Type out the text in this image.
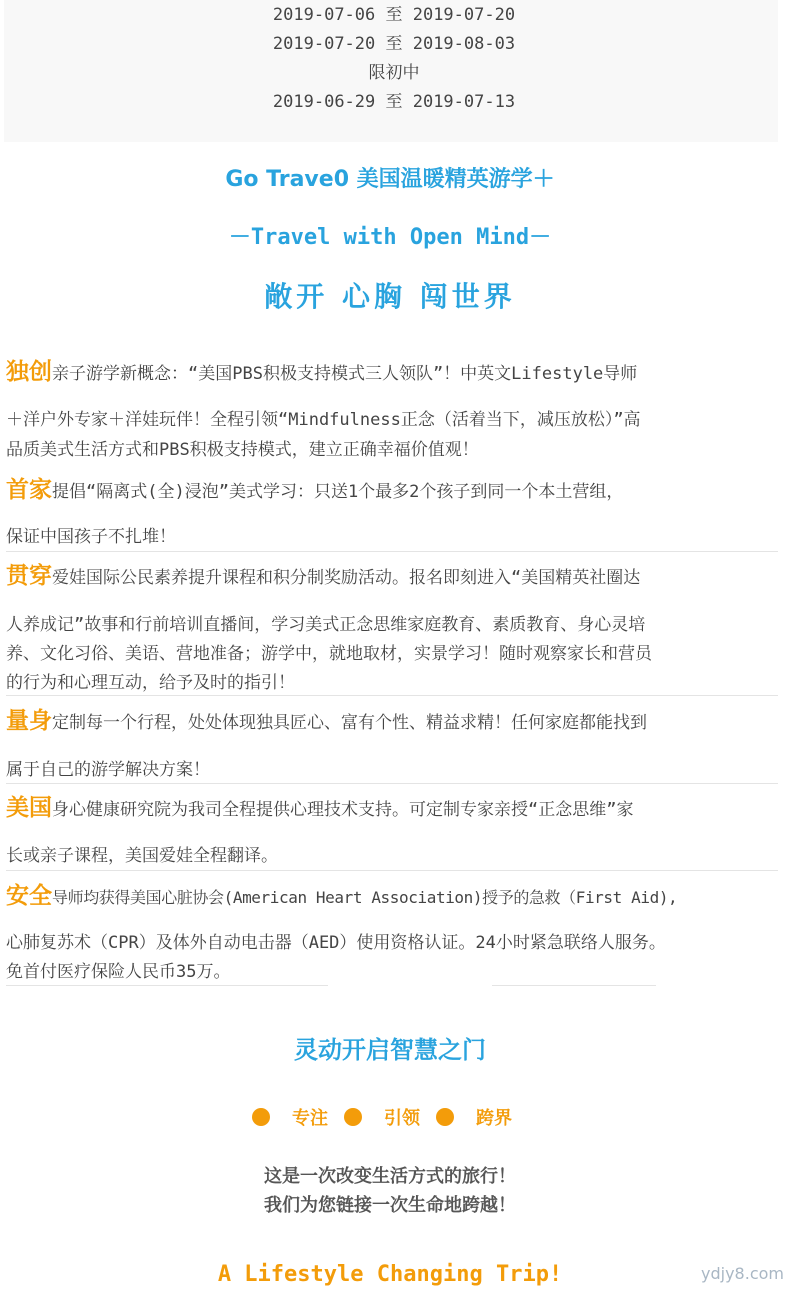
2019-07-06 至 2019-07-20
2019-07-20 至 2019-08-03
限初中
2019-06-29 至 2019-07-13
Go Trave0 美国温暖精英游学＋
－Travel with Open Mind－
敞开 心胸 闯世界
独创亲子游学新概念：“美国PBS积极支持模式三人领队”！中英文Lifestyle导师
＋洋户外专家＋洋娃玩伴！全程引领“Mindfulness正念（活着当下，减压放松）”高
品质美式生活方式和PBS积极支持模式，建立正确幸福价值观！
首家提倡“隔离式(全)浸泡”美式学习：只送1个最多2个孩子到同一个本土营组，
保证中国孩子不扎堆！
贯穿爱娃国际公民素养提升课程和积分制奖励活动。报名即刻进入“美国精英社圈达
人养成记”故事和行前培训直播间，学习美式正念思维家庭教育、素质教育、身心灵培
养、文化习俗、美语、营地准备；游学中，就地取材，实景学习！随时观察家长和营员
的行为和心理互动，给予及时的指引！
量身定制每一个行程，处处体现独具匠心、富有个性、精益求精！任何家庭都能找到
属于自己的游学解决方案！
美国身心健康研究院为我司全程提供心理技术支持。可定制专家亲授“正念思维”家
长或亲子课程，美国爱娃全程翻译。
安全导师均获得美国心脏协会(American Heart Association)授予的急救（First Aid),
心肺复苏术（CPR）及体外自动电击器（AED）使用资格认证。24小时紧急联络人服务。
免首付医疗保险人民币35万。
灵动开启智慧之门
专注	引领	跨界
这是一次改变生活方式的旅行！
我们为您链接一次生命地跨越！
A Lifestyle Changing Trip!	ydjy8.com
